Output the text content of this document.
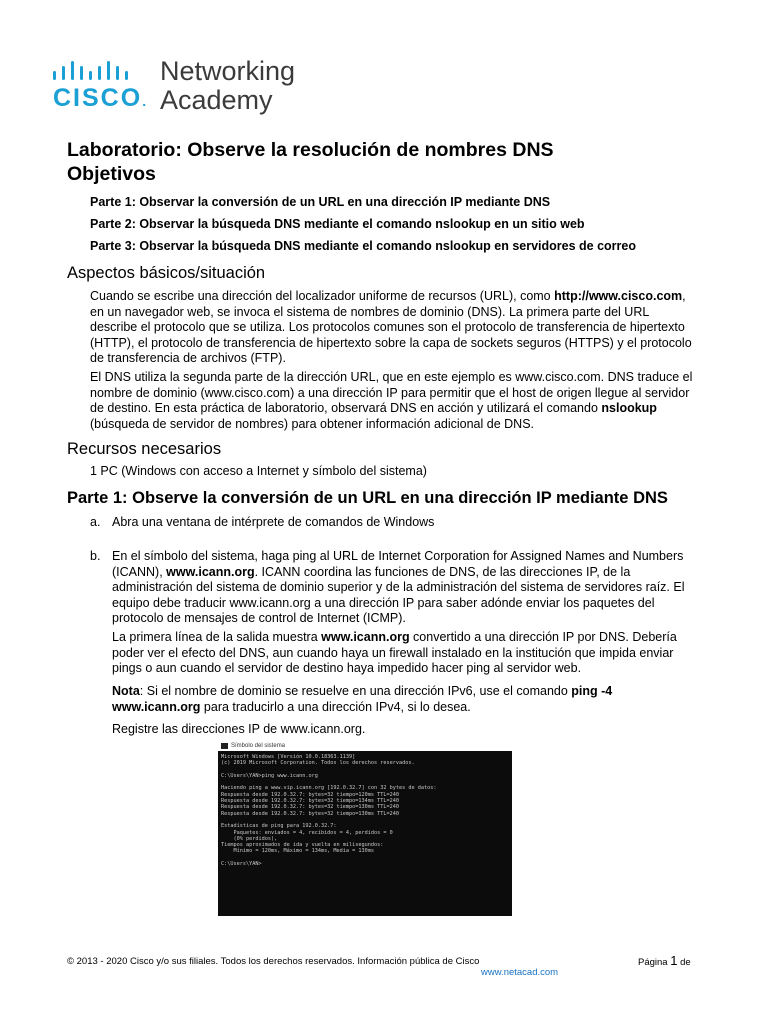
CISCO.
Networking
Academy
Laboratorio: Observe la resolución de nombres DNS
Objetivos
Parte 1: Observar la conversión de un URL en una dirección IP mediante DNS
Parte 2: Observar la búsqueda DNS mediante el comando nslookup en un sitio web
Parte 3: Observar la búsqueda DNS mediante el comando nslookup en servidores de correo
Aspectos básicos/situación
Cuando se escribe una dirección del localizador uniforme de recursos (URL), como http://www.cisco.com, en un navegador web, se invoca el sistema de nombres de dominio (DNS). La primera parte del URL describe el protocolo que se utiliza. Los protocolos comunes son el protocolo de transferencia de hipertexto (HTTP), el protocolo de transferencia de hipertexto sobre la capa de sockets seguros (HTTPS) y el protocolo de transferencia de archivos (FTP).
El DNS utiliza la segunda parte de la dirección URL, que en este ejemplo es www.cisco.com. DNS traduce el nombre de dominio (www.cisco.com) a una dirección IP para permitir que el host de origen llegue al servidor de destino. En esta práctica de laboratorio, observará DNS en acción y utilizará el comando nslookup (búsqueda de servidor de nombres) para obtener información adicional de DNS.
Recursos necesarios
1 PC (Windows con acceso a Internet y símbolo del sistema)
Parte 1: Observe la conversión de un URL en una dirección IP mediante DNS
a. Abra una ventana de intérprete de comandos de Windows
b. En el símbolo del sistema, haga ping al URL de Internet Corporation for Assigned Names and Numbers (ICANN), www.icann.org. ICANN coordina las funciones de DNS, de las direcciones IP, de la administración del sistema de dominio superior y de la administración del sistema de servidores raíz. El equipo debe traducir www.icann.org a una dirección IP para saber adónde enviar los paquetes del protocolo de mensajes de control de Internet (ICMP).
La primera línea de la salida muestra www.icann.org convertido a una dirección IP por DNS. Debería poder ver el efecto del DNS, aun cuando haya un firewall instalado en la institución que impida enviar pings o aun cuando el servidor de destino haya impedido hacer ping al servidor web.
Nota: Si el nombre de dominio se resuelve en una dirección IPv6, use el comando ping -4 www.icann.org para traducirlo a una dirección IPv4, si lo desea.
Registre las direcciones IP de www.icann.org.
Símbolo del sistema
Microsoft Windows [Versión 10.0.18363.1139]
(c) 2019 Microsoft Corporation. Todos los derechos reservados.

C:\Users\YAN>ping www.icann.org

Haciendo ping a www.vip.icann.org [192.0.32.7] con 32 bytes de datos:
Respuesta desde 192.0.32.7: bytes=32 tiempo=120ms TTL=240
Respuesta desde 192.0.32.7: bytes=32 tiempo=134ms TTL=240
Respuesta desde 192.0.32.7: bytes=32 tiempo=130ms TTL=240
Respuesta desde 192.0.32.7: bytes=32 tiempo=130ms TTL=240

Estadísticas de ping para 192.0.32.7:
Paquetes: enviados = 4, recibidos = 4, perdidos = 0
(0% perdidos),
Tiempos aproximados de ida y vuelta en milisegundos:
Mínimo = 120ms, Máximo = 134ms, Media = 130ms

C:\Users\YAN>
© 2013 - 2020 Cisco y/o sus filiales. Todos los derechos reservados. Información pública de Cisco	Página 1 de
www.netacad.com
